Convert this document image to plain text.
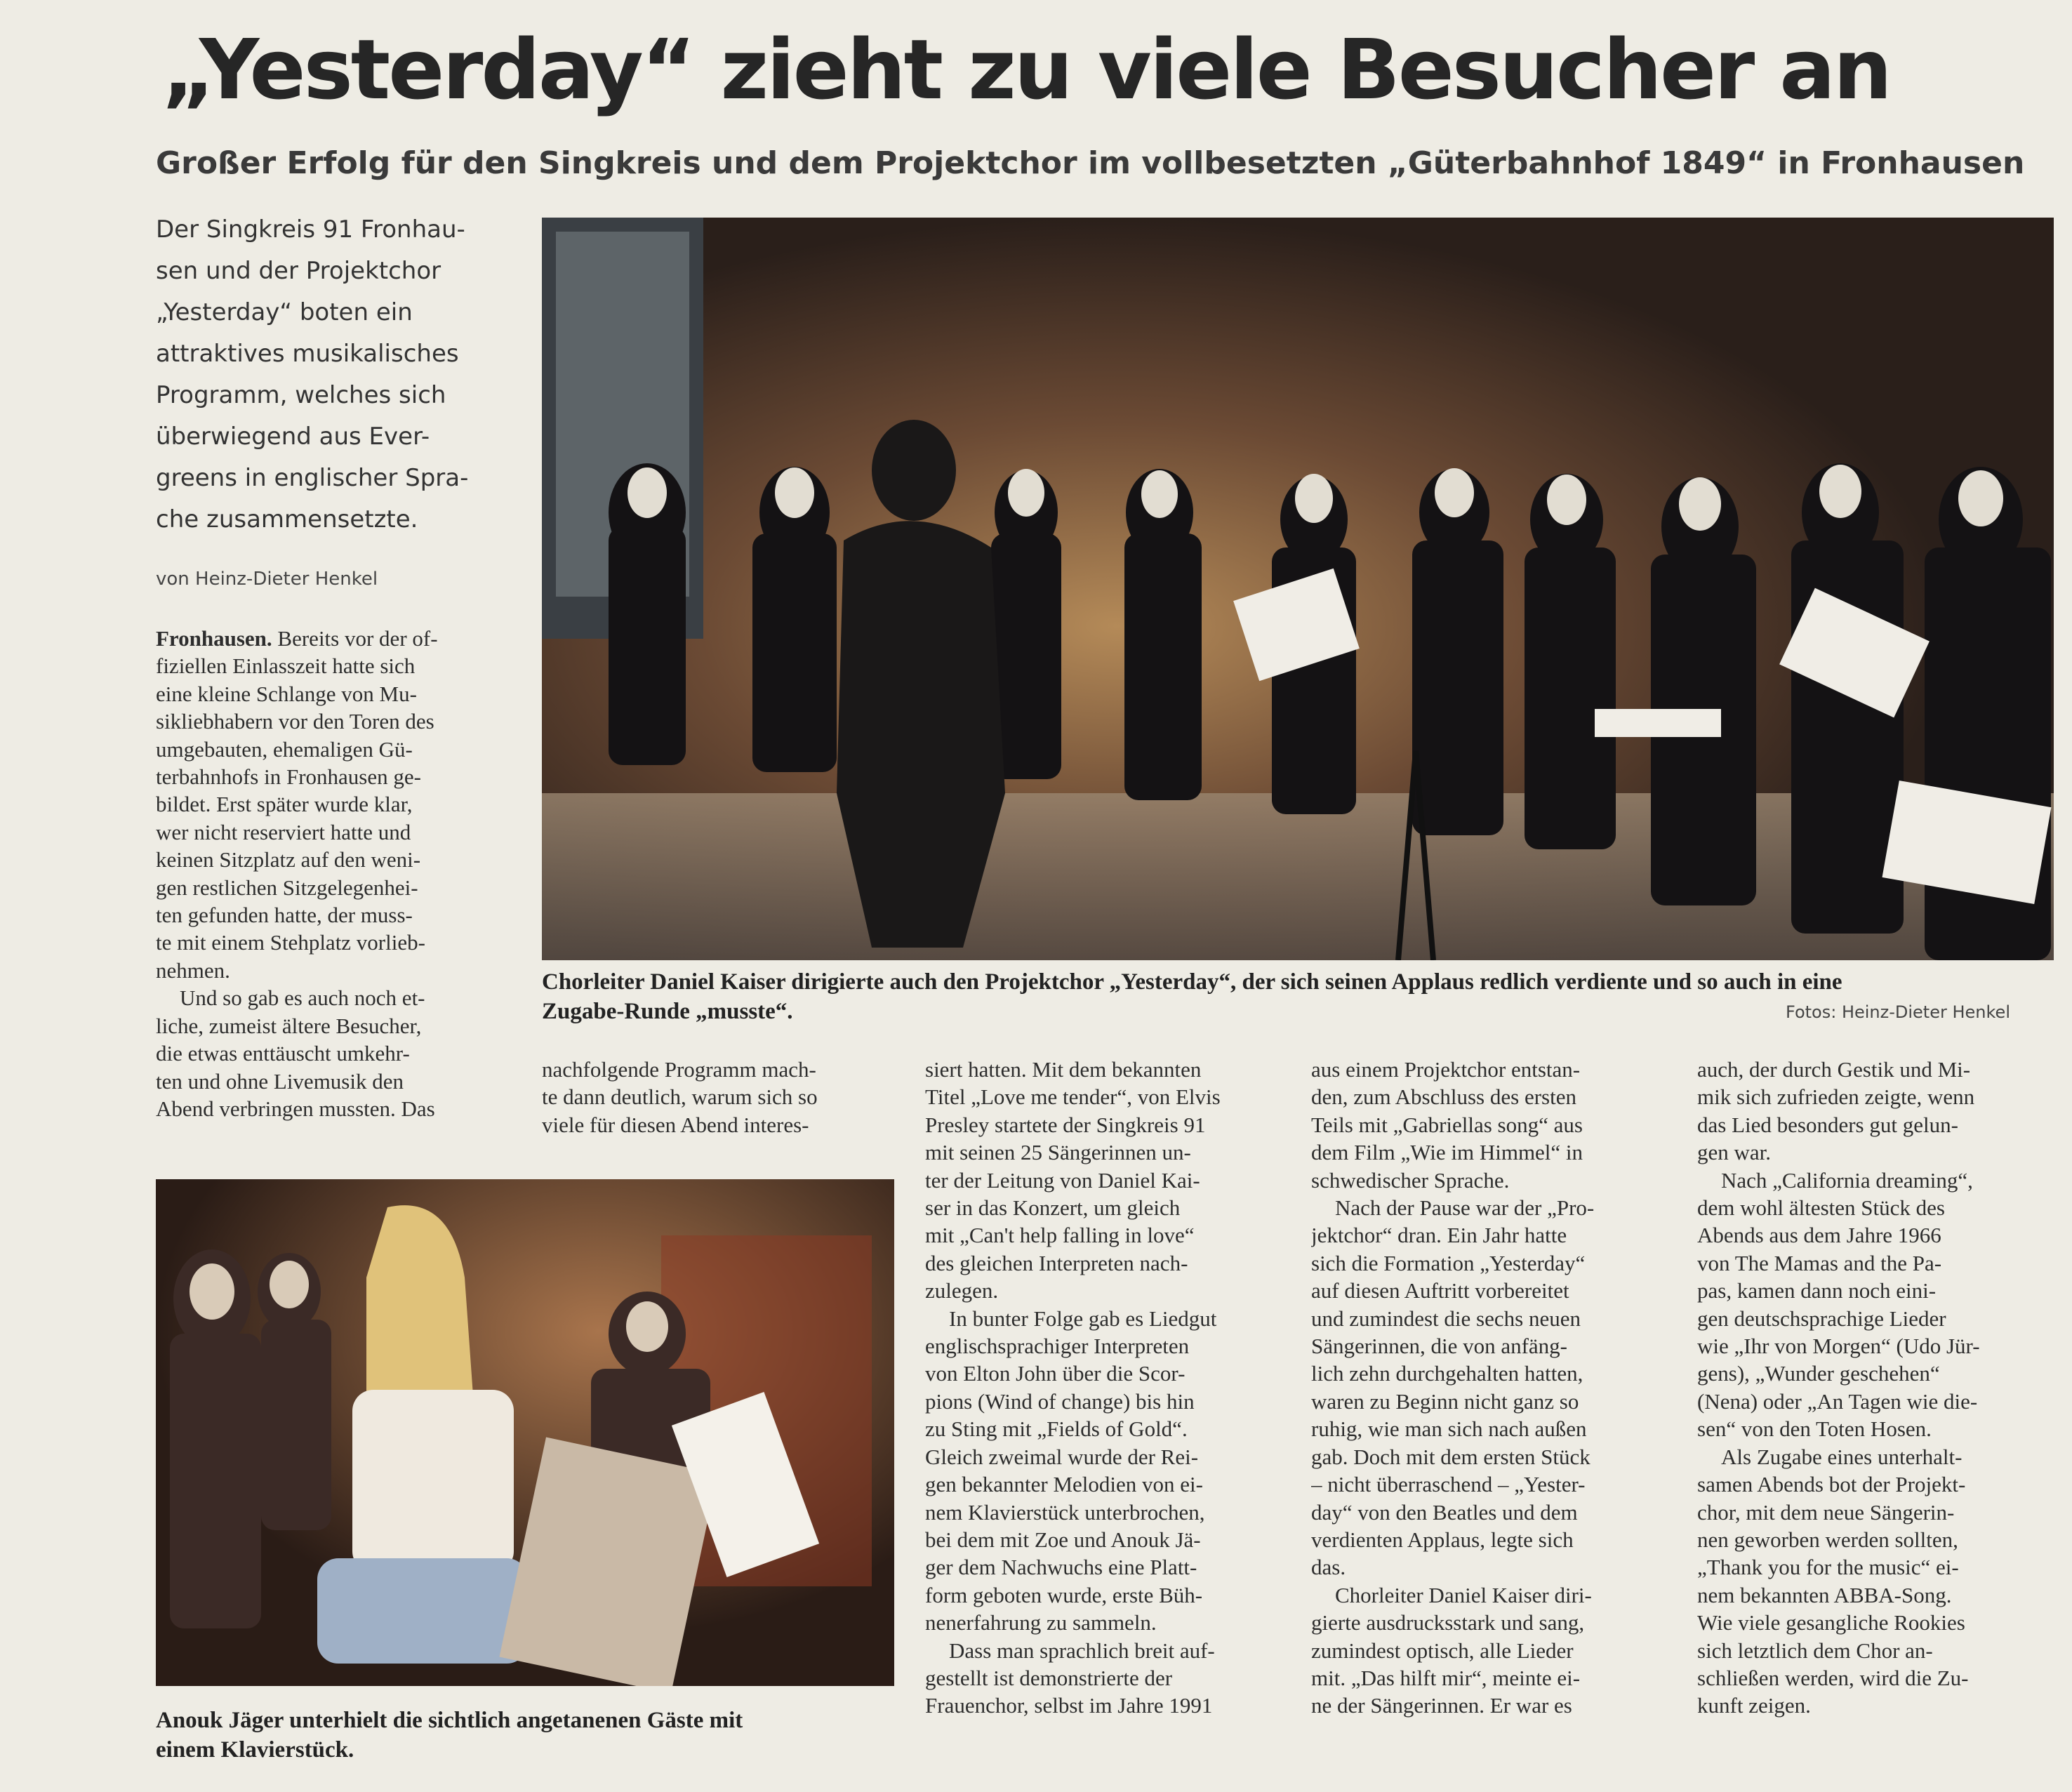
„Yesterday“ zieht zu viele Besucher an
Großer Erfolg für den Singkreis und dem Projektchor im vollbesetzten „Güterbahnhof 1849“ in Fronhausen
Der Singkreis 91 Fronhau-
sen und der Projektchor
„Yesterday“ boten ein
attraktives musikalisches
Programm, welches sich
überwiegend aus Ever-
greens in englischer Spra-
che zusammensetzte.
von Heinz-Dieter Henkel
Chorleiter Daniel Kaiser dirigierte auch den Projektchor „Yesterday“, der sich seinen Applaus redlich verdiente und so auch in eine
Zugabe-Runde „musste“.	Fotos: Heinz-Dieter Henkel
Anouk Jäger unterhielt die sichtlich angetanenen Gäste mit
einem Klavierstück.
Fronhausen. Bereits vor der of-
fiziellen Einlasszeit hatte sich
eine kleine Schlange von Mu-
sikliebhabern vor den Toren des
umgebauten, ehemaligen Gü-
terbahnhofs in Fronhausen ge-
bildet. Erst später wurde klar,
wer nicht reserviert hatte und
keinen Sitzplatz auf den weni-
gen restlichen Sitzgelegenhei-
ten gefunden hatte, der muss-
te mit einem Stehplatz vorlieb-
nehmen.
Und so gab es auch noch et-
liche, zumeist ältere Besucher,
die etwas enttäuscht umkehr-
ten und ohne Livemusik den
Abend verbringen mussten. Das
nachfolgende Programm mach-
te dann deutlich, warum sich so
viele für diesen Abend interes-
siert hatten. Mit dem bekannten
Titel „Love me tender“, von Elvis
Presley startete der Singkreis 91
mit seinen 25 Sängerinnen un-
ter der Leitung von Daniel Kai-
ser in das Konzert, um gleich
mit „Can't help falling in love“
des gleichen Interpreten nach-
zulegen.
In bunter Folge gab es Liedgut
englischsprachiger Interpreten
von Elton John über die Scor-
pions (Wind of change) bis hin
zu Sting mit „Fields of Gold“.
Gleich zweimal wurde der Rei-
gen bekannter Melodien von ei-
nem Klavierstück unterbrochen,
bei dem mit Zoe und Anouk Jä-
ger dem Nachwuchs eine Platt-
form geboten wurde, erste Büh-
nenerfahrung zu sammeln.
Dass man sprachlich breit auf-
gestellt ist demonstrierte der
Frauenchor, selbst im Jahre 1991
aus einem Projektchor entstan-
den, zum Abschluss des ersten
Teils mit „Gabriellas song“ aus
dem Film „Wie im Himmel“ in
schwedischer Sprache.
Nach der Pause war der „Pro-
jektchor“ dran. Ein Jahr hatte
sich die Formation „Yesterday“
auf diesen Auftritt vorbereitet
und zumindest die sechs neuen
Sängerinnen, die von anfäng-
lich zehn durchgehalten hatten,
waren zu Beginn nicht ganz so
ruhig, wie man sich nach außen
gab. Doch mit dem ersten Stück
– nicht überraschend – „Yester-
day“ von den Beatles und dem
verdienten Applaus, legte sich
das.
Chorleiter Daniel Kaiser diri-
gierte ausdrucksstark und sang,
zumindest optisch, alle Lieder
mit. „Das hilft mir“, meinte ei-
ne der Sängerinnen. Er war es
auch, der durch Gestik und Mi-
mik sich zufrieden zeigte, wenn
das Lied besonders gut gelun-
gen war.
Nach „California dreaming“,
dem wohl ältesten Stück des
Abends aus dem Jahre 1966
von The Mamas and the Pa-
pas, kamen dann noch eini-
gen deutschsprachige Lieder
wie „Ihr von Morgen“ (Udo Jür-
gens), „Wunder geschehen“
(Nena) oder „An Tagen wie die-
sen“ von den Toten Hosen.
Als Zugabe eines unterhalt-
samen Abends bot der Projekt-
chor, mit dem neue Sängerin-
nen geworben werden sollten,
„Thank you for the music“ ei-
nem bekannten ABBA-Song.
Wie viele gesangliche Rookies
sich letztlich dem Chor an-
schließen werden, wird die Zu-
kunft zeigen.
